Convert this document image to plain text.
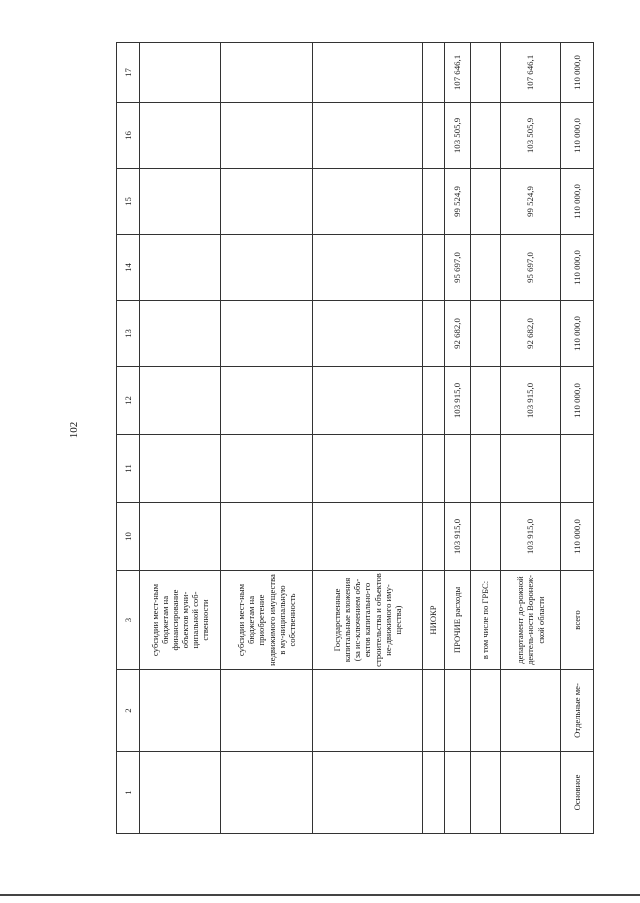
102
1	2	3	10	11	12	13	14	15	16	17
		субсидии мест-ным бюджетам на финансирование объектов муни-ципальной соб-ственности								
		субсидии мест-ным бюджетам на приобретение недвижимого имущества в му-ниципальную собственность								
		Государственные капитальные вложения (за ис-ключением объ-ектов капитально-го строительства и объектов не-движимого иму-щества)								
		НИОКР								
		ПРОЧИЕ расходы	103 915,0		103 915,0	92 682,0	95 697,0	99 524,9	103 505,9	107 646,1
		в том числе по ГРБС:								
		департамент до-рожной деятель-ности Воронеж-ской области	103 915,0		103 915,0	92 682,0	95 697,0	99 524,9	103 505,9	107 646,1
Основное	Отдельные ме-	всего	110 000,0		110 000,0	110 000,0	110 000,0	110 000,0	110 000,0	110 000,0
